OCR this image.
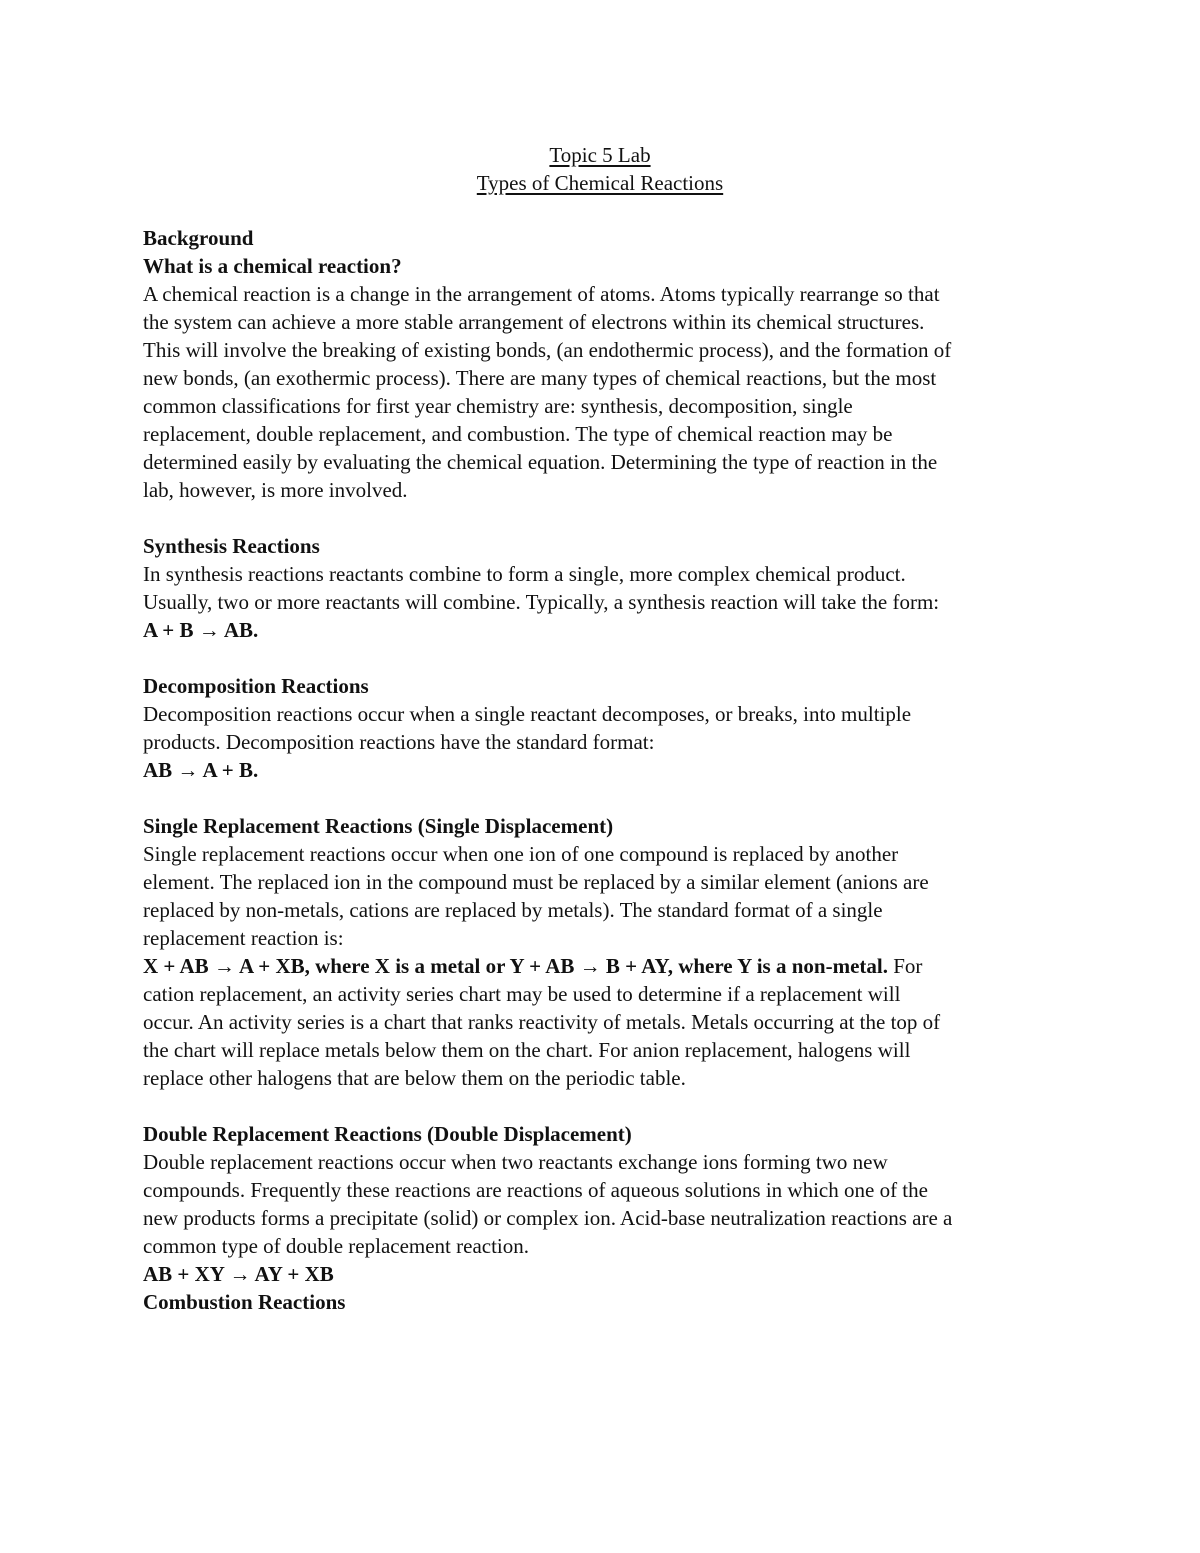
Topic 5 Lab
Types of Chemical Reactions
Background
What is a chemical reaction?
A chemical reaction is a change in the arrangement of atoms. Atoms typically rearrange so that
the system can achieve a more stable arrangement of electrons within its chemical structures.
This will involve the breaking of existing bonds, (an endothermic process), and the formation of
new bonds, (an exothermic process). There are many types of chemical reactions, but the most
common classifications for first year chemistry are: synthesis, decomposition, single
replacement, double replacement, and combustion. The type of chemical reaction may be
determined easily by evaluating the chemical equation. Determining the type of reaction in the
lab, however, is more involved.
Synthesis Reactions
In synthesis reactions reactants combine to form a single, more complex chemical product.
Usually, two or more reactants will combine. Typically, a synthesis reaction will take the form:
A + B → AB.
Decomposition Reactions
Decomposition reactions occur when a single reactant decomposes, or breaks, into multiple
products. Decomposition reactions have the standard format:
AB → A + B.
Single Replacement Reactions (Single Displacement)
Single replacement reactions occur when one ion of one compound is replaced by another
element. The replaced ion in the compound must be replaced by a similar element (anions are
replaced by non-metals, cations are replaced by metals). The standard format of a single
replacement reaction is:
X + AB → A + XB, where X is a metal or Y + AB → B + AY, where Y is a non-metal. For
cation replacement, an activity series chart may be used to determine if a replacement will
occur. An activity series is a chart that ranks reactivity of metals. Metals occurring at the top of
the chart will replace metals below them on the chart. For anion replacement, halogens will
replace other halogens that are below them on the periodic table.
Double Replacement Reactions (Double Displacement)
Double replacement reactions occur when two reactants exchange ions forming two new
compounds. Frequently these reactions are reactions of aqueous solutions in which one of the
new products forms a precipitate (solid) or complex ion. Acid-base neutralization reactions are a
common type of double replacement reaction.
AB + XY → AY + XB
Combustion Reactions
